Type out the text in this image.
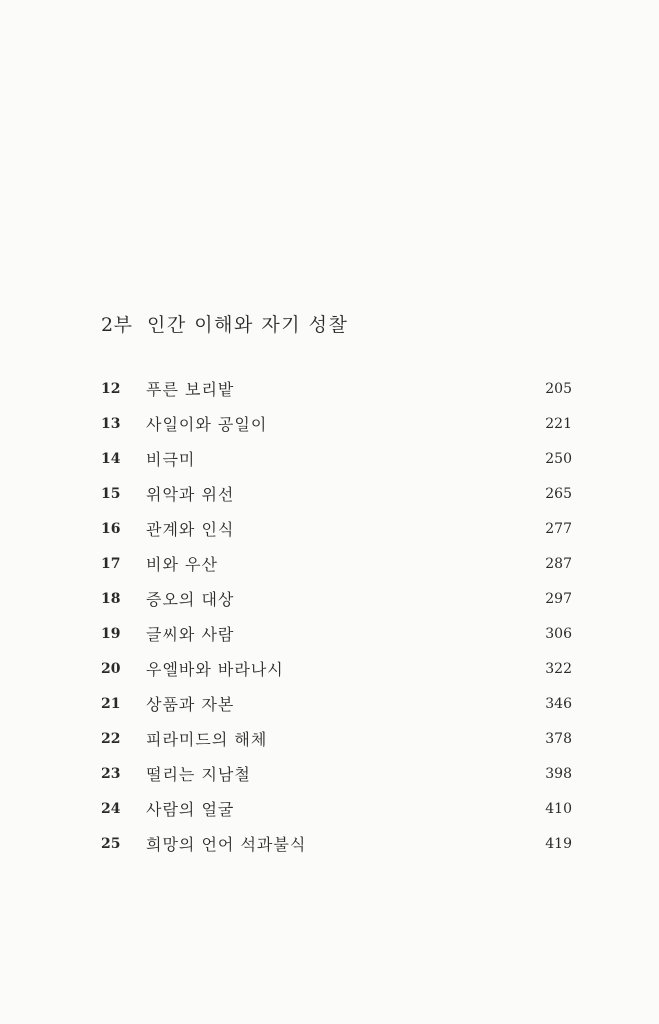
2부 인간 이해와 자기 성찰
12	푸른 보리밭	205
13	사일이와 공일이	221
14	비극미	250
15	위악과 위선	265
16	관계와 인식	277
17	비와 우산	287
18	증오의 대상	297
19	글씨와 사람	306
20	우엘바와 바라나시	322
21	상품과 자본	346
22	피라미드의 해체	378
23	떨리는 지남철	398
24	사람의 얼굴	410
25	희망의 언어 석과불식	419
